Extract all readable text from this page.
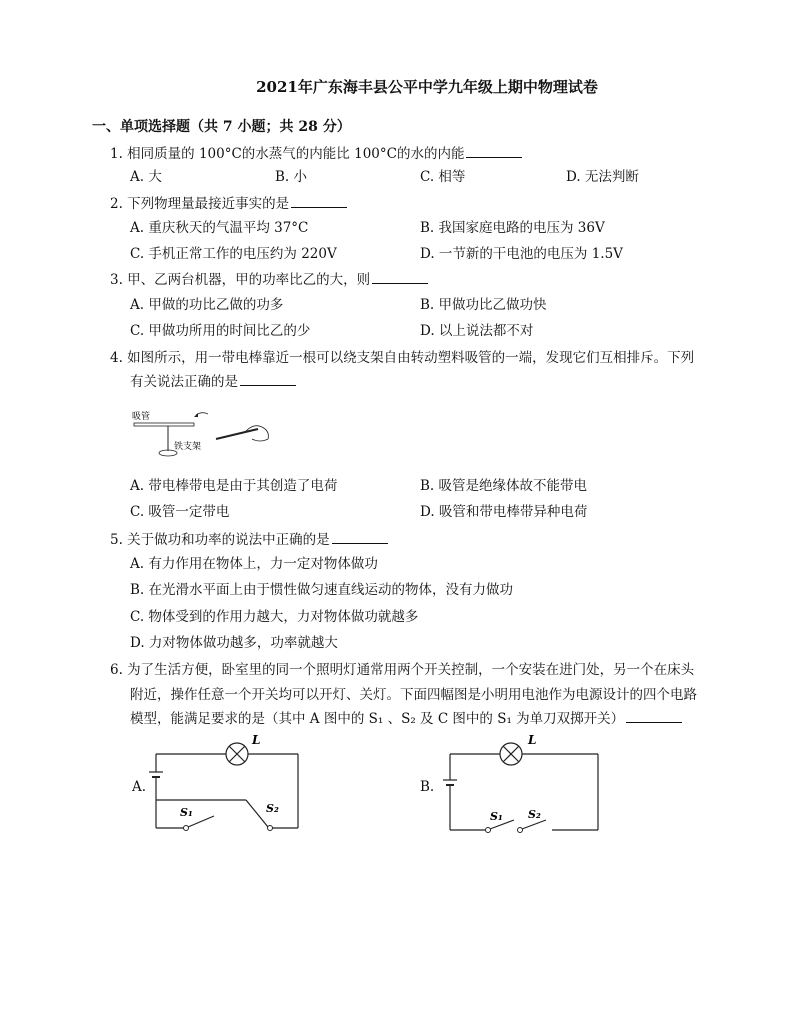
2021年广东海丰县公平中学九年级上期中物理试卷
一、单项选择题（共 7 小题；共 28 分）
1. 相同质量的 100°C的水蒸气的内能比 100°C的水的内能
A. 大	B. 小	C. 相等	D. 无法判断
2. 下列物理量最接近事实的是
A. 重庆秋天的气温平均 37°C	B. 我国家庭电路的电压为 36V
C. 手机正常工作的电压约为 220V	D. 一节新的干电池的电压为 1.5V
3. 甲、乙两台机器，甲的功率比乙的大，则
A. 甲做的功比乙做的功多	B. 甲做功比乙做功快
C. 甲做功所用的时间比乙的少	D. 以上说法都不对
4. 如图所示，用一带电棒靠近一根可以绕支架自由转动塑料吸管的一端，发现它们互相排斥。下列
有关说法正确的是
吸管
铁支架
A. 带电棒带电是由于其创造了电荷	B. 吸管是绝缘体故不能带电
C. 吸管一定带电	D. 吸管和带电棒带异种电荷
5. 关于做功和功率的说法中正确的是
A. 有力作用在物体上，力一定对物体做功
B. 在光滑水平面上由于惯性做匀速直线运动的物体，没有力做功
C. 物体受到的作用力越大，力对物体做功就越多
D. 力对物体做功越多，功率就越大
6. 为了生活方便，卧室里的同一个照明灯通常用两个开关控制，一个安装在进门处，另一个在床头
附近，操作任意一个开关均可以开灯、关灯。下面四幅图是小明用电池作为电源设计的四个电路
模型，能满足要求的是（其中 A 图中的 S₁ 、S₂ 及 C 图中的 S₁ 为单刀双掷开关）
A.
L
S₁	S₂
B.
L
S₁ S₂
